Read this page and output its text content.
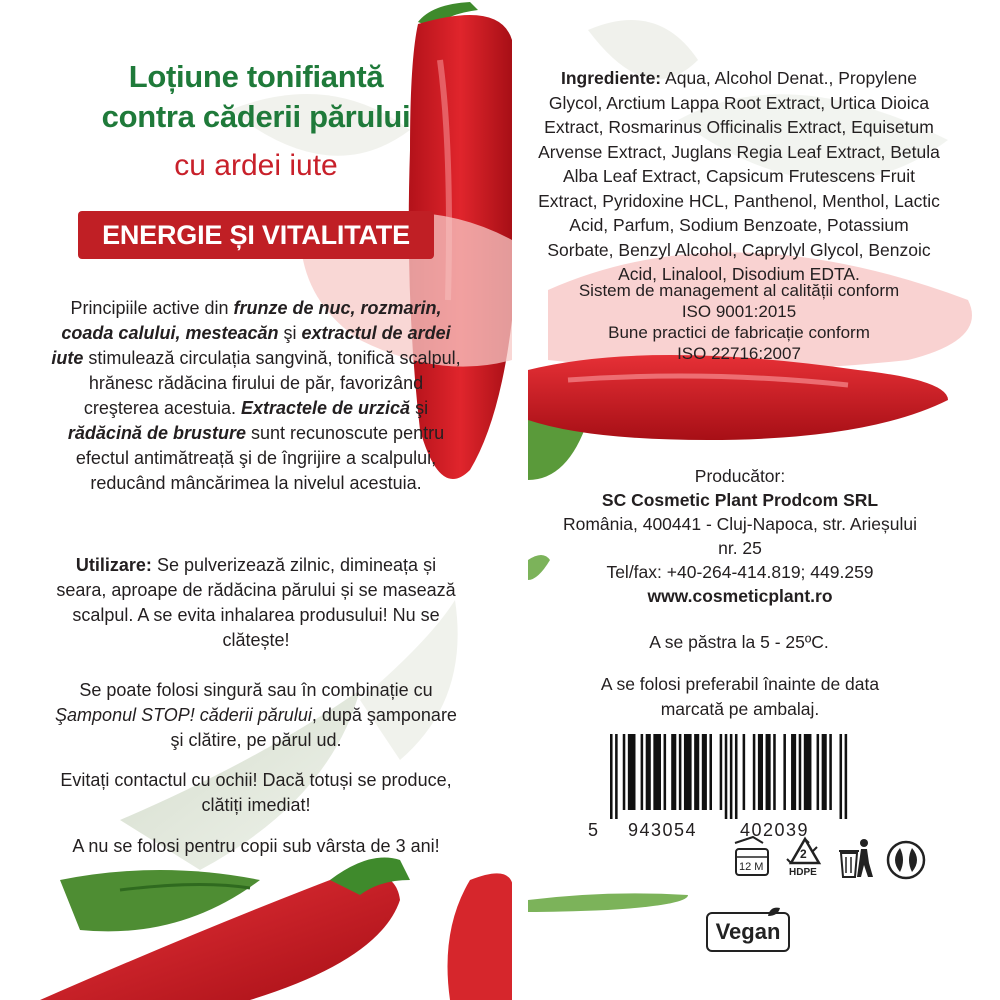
Loțiune tonifiantă
contra căderii părului
cu ardei iute
ENERGIE ȘI VITALITATE
Principiile active din frunze de nuc, rozmarin, coada calului, mesteacăn şi extractul de ardei iute stimulează circulația sangvină, tonifică scalpul, hrănesc rădăcina firului de păr, favorizând creşterea acestuia. Extractele de urzică şi rădăcină de brusture sunt recunoscute pentru efectul antimătreață şi de îngrijire a scalpului, reducând mâncărimea la nivelul acestuia.
Utilizare: Se pulverizează zilnic, dimineața și seara, aproape de rădăcina părului și se masează scalpul. A se evita inhalarea produsului! Nu se clătește!
Se poate folosi singură sau în combinație cu Şamponul STOP! căderii părului, după şamponare şi clătire, pe părul ud.
Evitați contactul cu ochii! Dacă totuși se produce, clătiți imediat!
A nu se folosi pentru copii sub vârsta de 3 ani!
Ingrediente: Aqua, Alcohol Denat., Propylene Glycol, Arctium Lappa Root Extract, Urtica Dioica Extract, Rosmarinus Officinalis Extract, Equisetum Arvense Extract, Juglans Regia Leaf Extract, Betula Alba Leaf Extract, Capsicum Frutescens Fruit Extract, Pyridoxine HCL, Panthenol, Menthol, Lactic Acid, Parfum, Sodium Benzoate, Potassium Sorbate, Benzyl Alcohol, Caprylyl Glycol, Benzoic Acid, Linalool, Disodium EDTA.
Sistem de management al calității conform
ISO 9001:2015
Bune practici de fabricație conform
ISO 22716:2007
Producător:
SC Cosmetic Plant Prodcom SRL
România, 400441 - Cluj-Napoca, str. Arieșului nr. 25
Tel/fax: +40-264-414.819; 449.259
www.cosmeticplant.ro
A se păstra la 5 - 25ºC.
A se folosi preferabil înainte de data marcată pe ambalaj.
5 943054 402039
12 M
2
HDPE
Vegan
